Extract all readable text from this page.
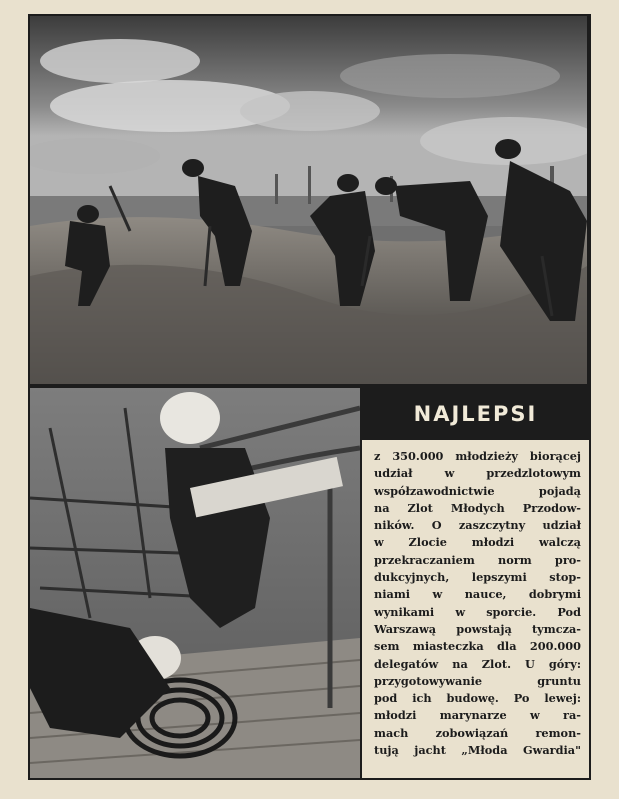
NAJLEPSI
z 350.000 młodzieży biorącej
udział w przedzlotowym
współzawodnictwie pojadą
na Zlot Młodych Przodow-
ników. O zaszczytny udział
w Zlocie młodzi walczą
przekraczaniem norm pro-
dukcyjnych, lepszymi stop-
niami w nauce, dobrymi
wynikami w sporcie. Pod
Warszawą powstają tymcza-
sem miasteczka dla 200.000
delegatów na Zlot. U góry:
przygotowywanie gruntu
pod ich budowę. Po lewej:
młodzi marynarze w ra-
mach zobowiązań remon-
tują jacht „Młoda Gwardia"
